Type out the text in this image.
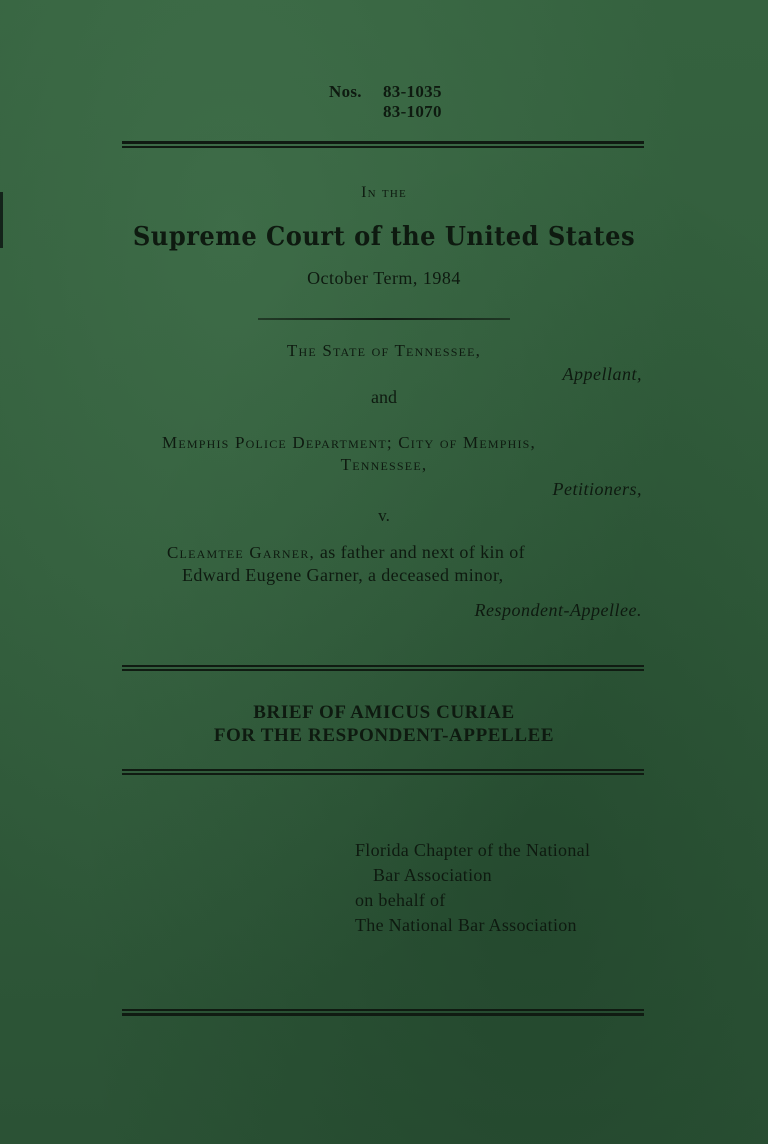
Nos.	83-1035
83-1070
In the
Supreme Court of the United States
October Term, 1984
The State of Tennessee,
Appellant,
and
Memphis Police Department; City of Memphis,
Tennessee,
Petitioners,
v.
Cleamtee Garner, as father and next of kin of
Edward Eugene Garner, a deceased minor,
Respondent-Appellee.
BRIEF OF AMICUS CURIAE
FOR THE RESPONDENT-APPELLEE
Florida Chapter of the National
Bar Association
on behalf of
The National Bar Association
